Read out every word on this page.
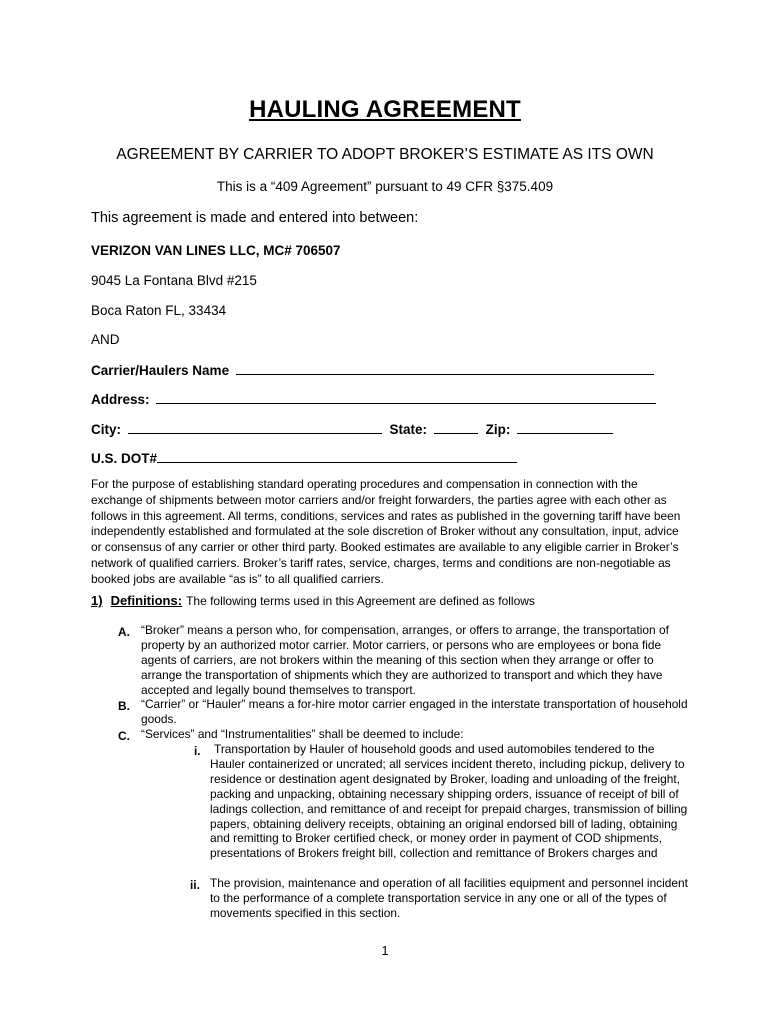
HAULING AGREEMENT
AGREEMENT BY CARRIER TO ADOPT BROKER’S ESTIMATE AS ITS OWN
This is a “409 Agreement” pursuant to 49 CFR §375.409
This agreement is made and entered into between:
VERIZON VAN LINES LLC, MC# 706507
9045 La Fontana Blvd #215
Boca Raton FL, 33434
AND
Carrier/Haulers Name
Address:
City:	State:	Zip:
U.S. DOT#
For the purpose of establishing standard operating procedures and compensation in connection with the exchange of shipments between motor carriers and/or freight forwarders, the parties agree with each other as follows in this agreement. All terms, conditions, services and rates as published in the governing tariff have been independently established and formulated at the sole discretion of Broker without any consultation, input, advice or consensus of any carrier or other third party. Booked estimates are available to any eligible carrier in Broker’s network of qualified carriers. Broker’s tariff rates, service, charges, terms and conditions are non-negotiable as booked jobs are available “as is” to all qualified carriers.
1) Definitions: The following terms used in this Agreement are defined as follows
A. “Broker” means a person who, for compensation, arranges, or offers to arrange, the transportation of property by an authorized motor carrier. Motor carriers, or persons who are employees or bona fide agents of carriers, are not brokers within the meaning of this section when they arrange or offer to arrange the transportation of shipments which they are authorized to transport and which they have accepted and legally bound themselves to transport.
B. “Carrier” or “Hauler” means a for-hire motor carrier engaged in the interstate transportation of household goods.
C. “Services” and “Instrumentalities” shall be deemed to include:
i.	Transportation by Hauler of household goods and used automobiles tendered to the Hauler containerized or uncrated; all services incident thereto, including pickup, delivery to residence or destination agent designated by Broker, loading and unloading of the freight, packing and unpacking, obtaining necessary shipping orders, issuance of receipt of bill of ladings collection, and remittance of and receipt for prepaid charges, transmission of billing papers, obtaining delivery receipts, obtaining an original endorsed bill of lading, obtaining and remitting to Broker certified check, or money order in payment of COD shipments, presentations of Brokers freight bill, collection and remittance of Brokers charges and
ii. The provision, maintenance and operation of all facilities equipment and personnel incident to the performance of a complete transportation service in any one or all of the types of movements specified in this section.
1
